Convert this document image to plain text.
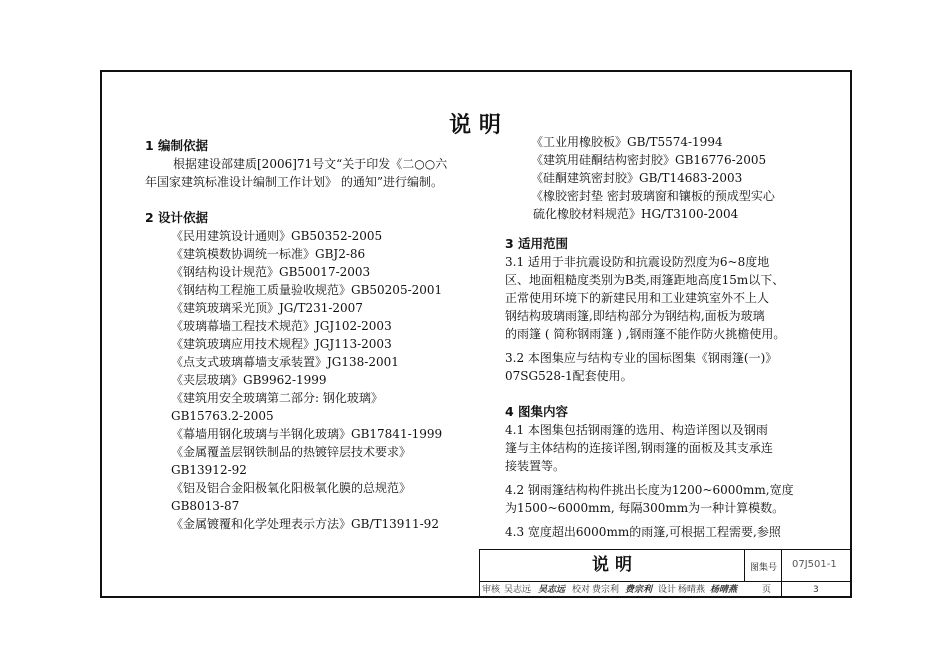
说 明
1 编制依据
根据建设部建质[2006]71号文“关于印发《二○○六
年国家建筑标准设计编制工作计划》 的通知”进行编制。
2 设计依据
《民用建筑设计通则》GB50352-2005
《建筑模数协调统一标准》GBJ2-86
《钢结构设计规范》GB50017-2003
《钢结构工程施工质量验收规范》GB50205-2001
《建筑玻璃采光顶》JG/T231-2007
《玻璃幕墙工程技术规范》JGJ102-2003
《建筑玻璃应用技术规程》JGJ113-2003
《点支式玻璃幕墙支承装置》JG138-2001
《夹层玻璃》GB9962-1999
《建筑用安全玻璃第二部分: 钢化玻璃》
GB15763.2-2005
《幕墙用钢化玻璃与半钢化玻璃》GB17841-1999
《金属覆盖层钢铁制品的热镀锌层技术要求》
GB13912-92
《铝及铝合金阳极氧化阳极氧化膜的总规范》
GB8013-87
《金属镀覆和化学处理表示方法》GB/T13911-92
《工业用橡胶板》GB/T5574-1994
《建筑用硅酮结构密封胶》GB16776-2005
《硅酮建筑密封胶》GB/T14683-2003
《橡胶密封垫 密封玻璃窗和镶板的预成型实心
硫化橡胶材料规范》HG/T3100-2004
3 适用范围
3.1 适用于非抗震设防和抗震设防烈度为6~8度地
区、地面粗糙度类别为B类,雨篷距地高度15m以下、
正常使用环境下的新建民用和工业建筑室外不上人
钢结构玻璃雨篷,即结构部分为钢结构,面板为玻璃
的雨篷 ( 简称钢雨篷 ) ,钢雨篷不能作防火挑檐使用。
3.2 本图集应与结构专业的国标图集《钢雨篷(一)》
07SG528-1配套使用。
4 图集内容
4.1 本图集包括钢雨篷的选用、构造详图以及钢雨
篷与主体结构的连接详图,钢雨篷的面板及其支承连
接装置等。
4.2 钢雨篷结构构件挑出长度为1200~6000mm,宽度
为1500~6000mm, 每隔300mm为一种计算模数。
4.3 宽度超出6000mm的雨篷,可根据工程需要,参照
说 明	图集号 07J501-1
审核 吴志远 吴志远 校对 费宗利 费宗利 设计 杨晴燕 杨晴燕	页	3
